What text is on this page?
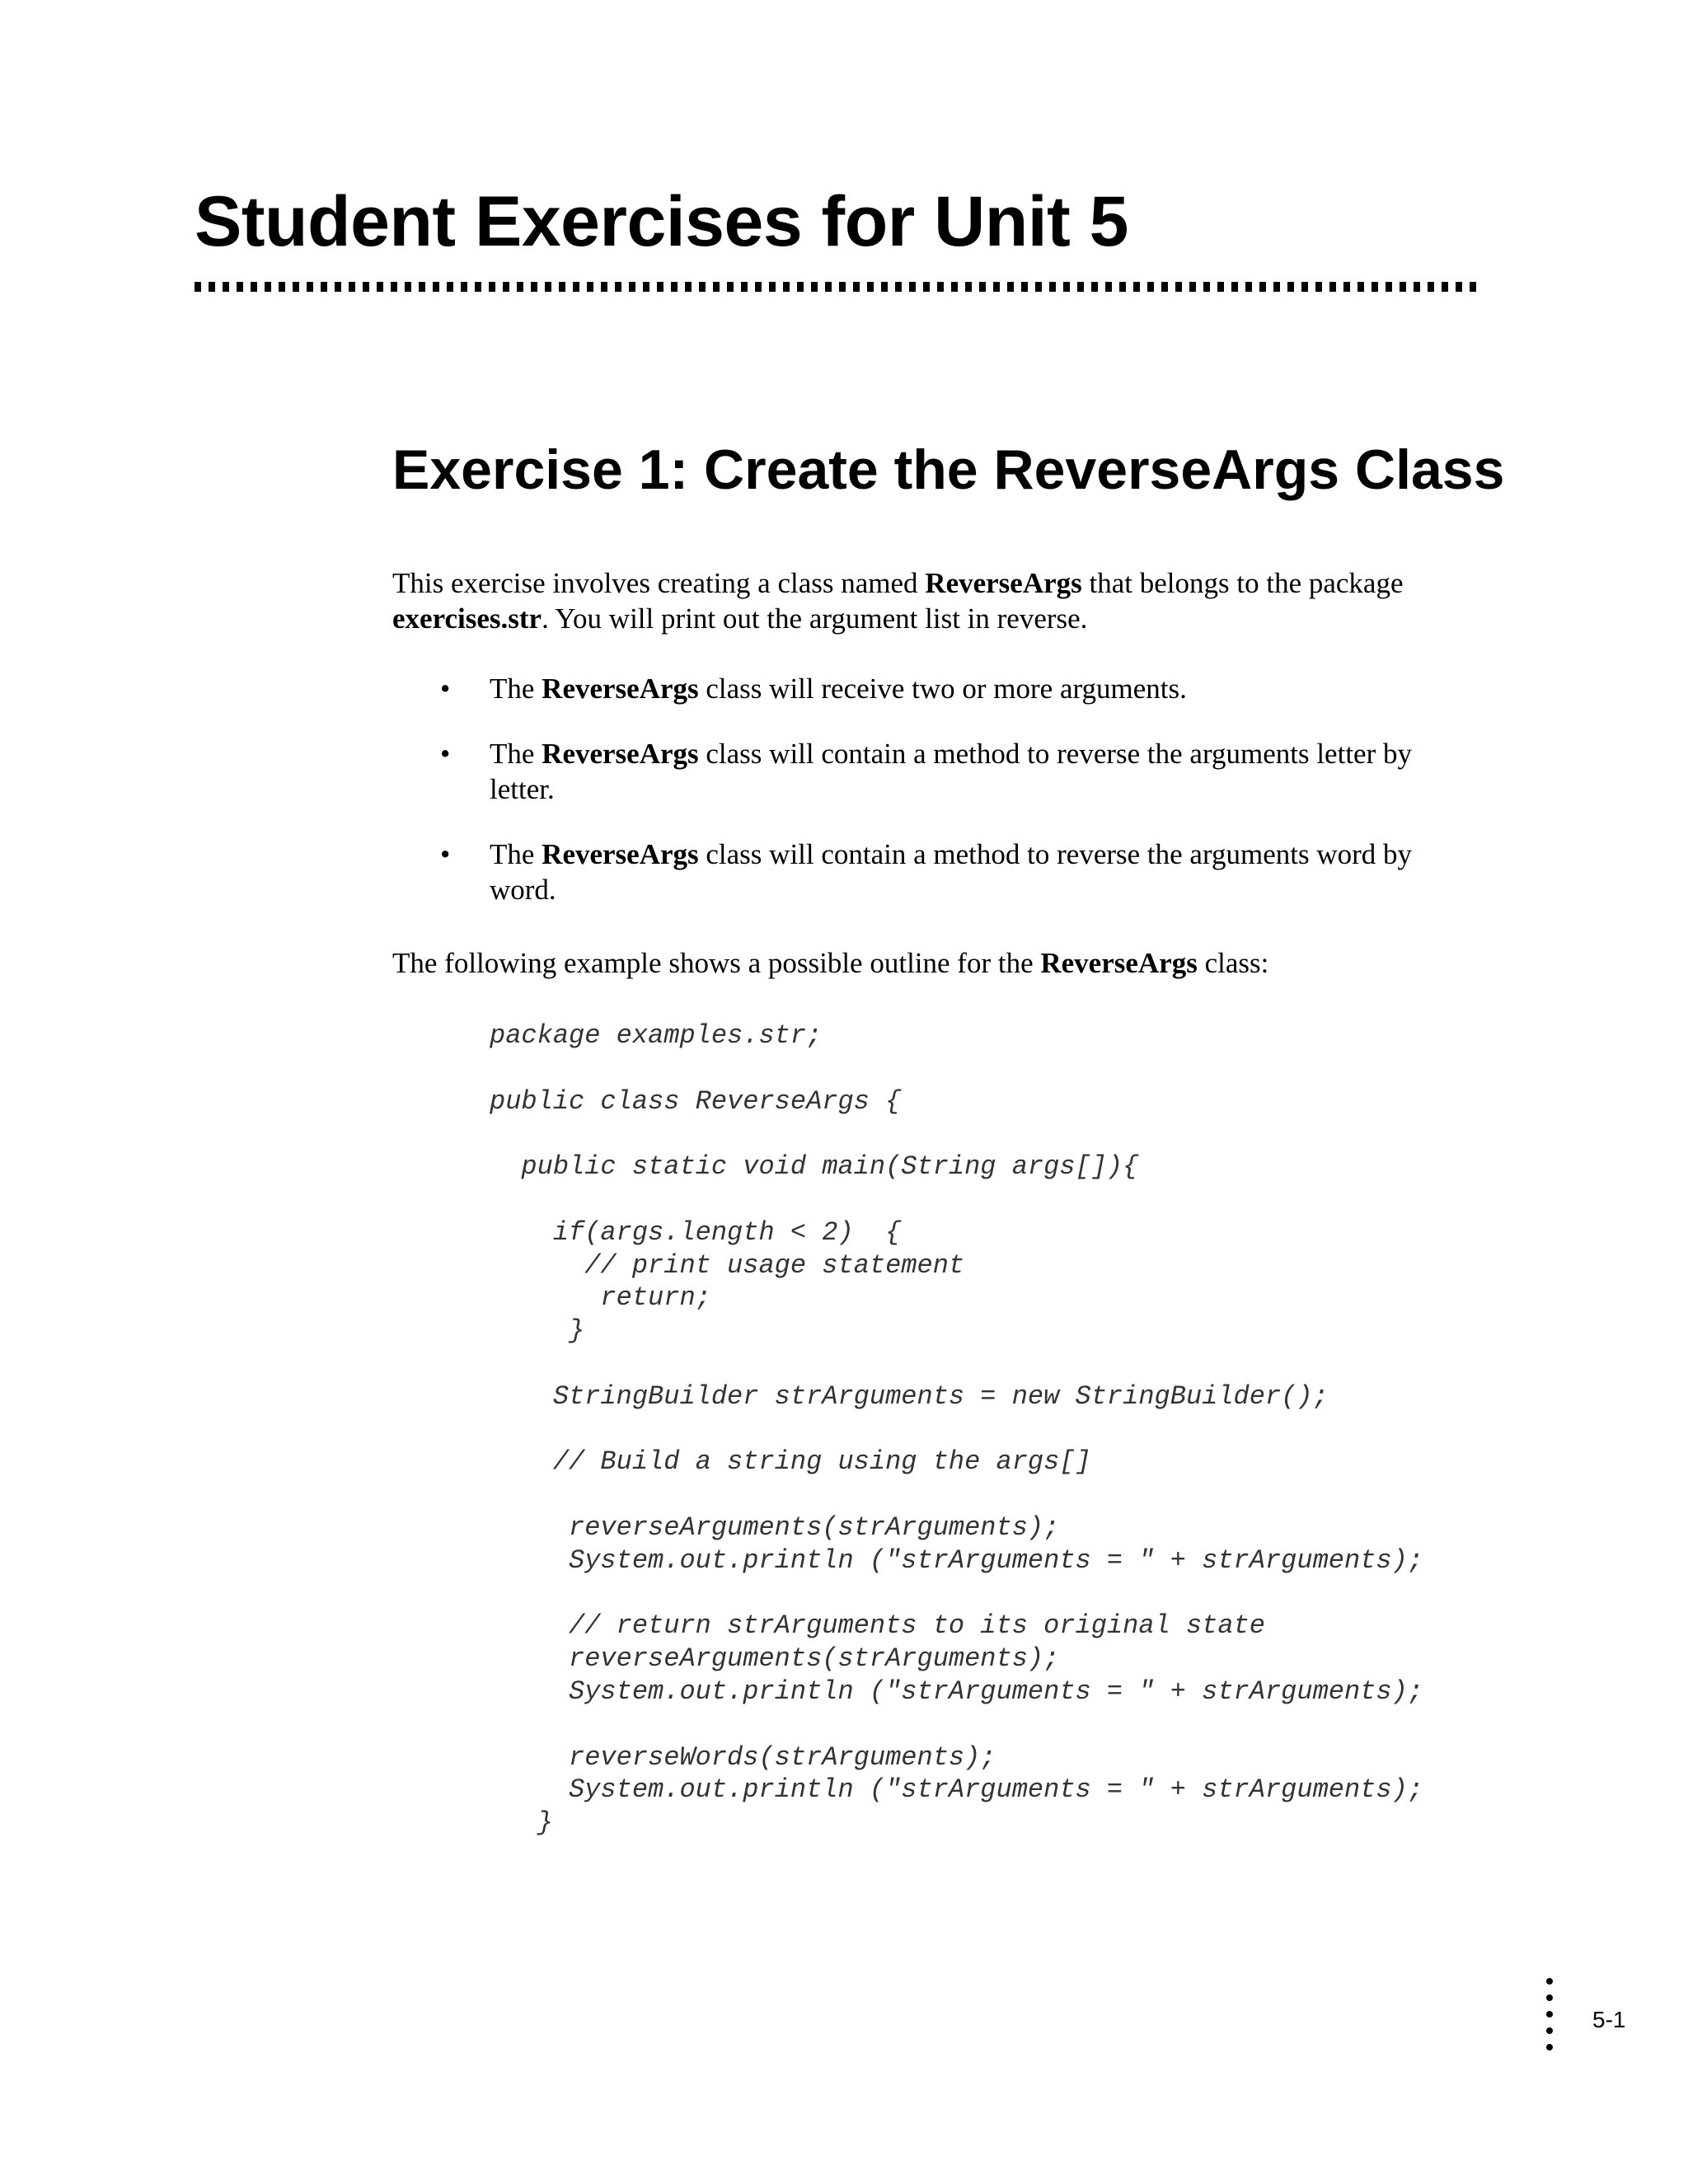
Student Exercises for Unit 5
Exercise 1: Create the ReverseArgs Class

This exercise involves creating a class named ReverseArgs that belongs to the package exercises.str. You will print out the argument list in reverse.

• The ReverseArgs class will receive two or more arguments.
• The ReverseArgs class will contain a method to reverse the arguments letter by letter.
• The ReverseArgs class will contain a method to reverse the arguments word by word.

The following example shows a possible outline for the ReverseArgs class:

package examples.str;
public class ReverseArgs {
public static void main(String args[]){
if(args.length < 2)  {
// print usage statement
return;
}
StringBuilder strArguments = new StringBuilder();
// Build a string using the args[]
reverseArguments(strArguments);
System.out.println ("strArguments = " + strArguments);
// return strArguments to its original state
reverseArguments(strArguments);
System.out.println ("strArguments = " + strArguments);
reverseWords(strArguments);
System.out.println ("strArguments = " + strArguments);
}
5-1
